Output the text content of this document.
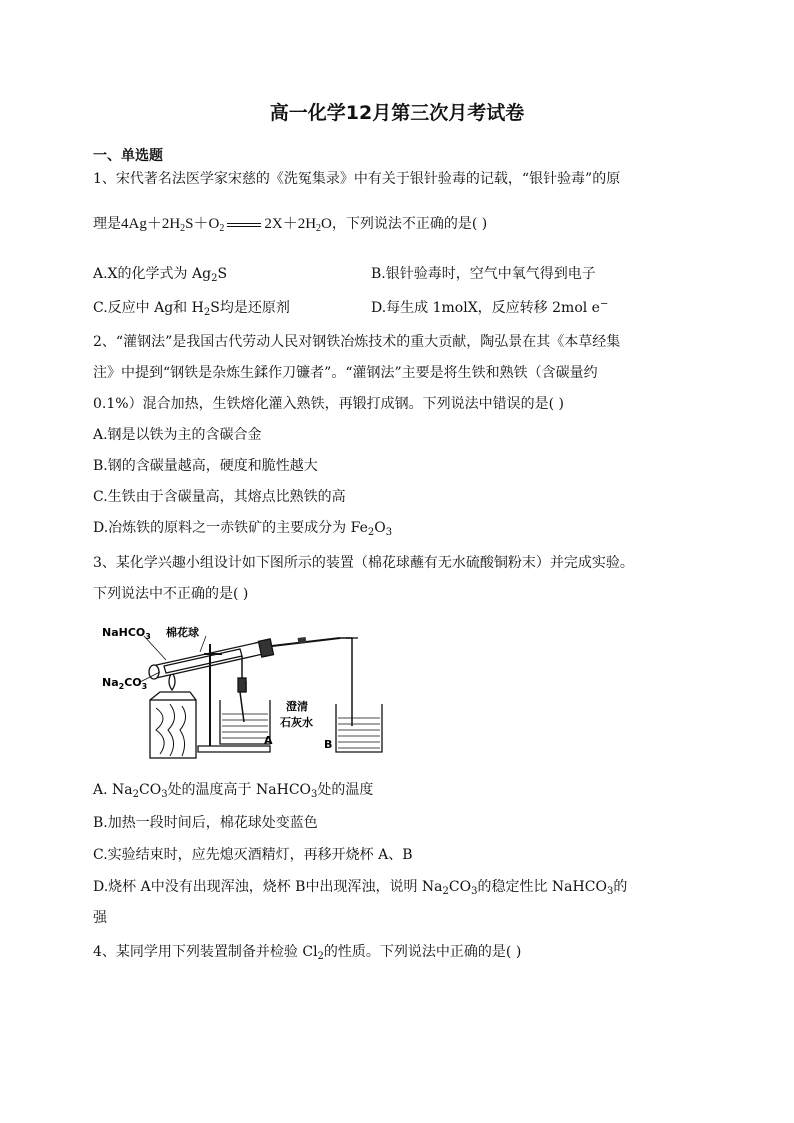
高一化学12月第三次月考试卷
一、单选题
1、宋代著名法医学家宋慈的《洗冤集录》中有关于银针验毒的记载，“银针验毒”的原
理是$4Ag+2H_2S+O_2$	$2X+2H_2O$，下列说法不正确的是( )
A.X的化学式为 $Ag_2S$	B.银针验毒时，空气中氧气得到电子
C.反应中 Ag和 $H_2S$均是还原剂	D.每生成 1molX，反应转移 2mol e−
2、“灌钢法”是我国古代劳动人民对钢铁冶炼技术的重大贡献，陶弘景在其《本草经集
注》中提到“钢铁是杂炼生鍒作刀镰者”。“灌钢法”主要是将生铁和熟铁（含碳量约
0.1%）混合加热，生铁熔化灌入熟铁，再锻打成钢。下列说法中错误的是( )
A.钢是以铁为主的含碳合金
B.钢的含碳量越高，硬度和脆性越大
C.生铁由于含碳量高，其熔点比熟铁的高
D.冶炼铁的原料之一赤铁矿的主要成分为 $Fe_2O_3$
3、某化学兴趣小组设计如下图所示的装置（棉花球蘸有无水硫酸铜粉末）并完成实验。
下列说法中不正确的是( )
NaHCO$_3$ 棉花球
$Na_2CO_3$
澄清
石灰水
A	B
A. $Na_2CO_3$处的温度高于 NaHCO$_3$处的温度
B.加热一段时间后，棉花球处变蓝色
C.实验结束时，应先熄灭酒精灯，再移开烧杯 A、B
D.烧杯 A中没有出现浑浊，烧杯 B中出现浑浊，说明 $Na_2CO_3$的稳定性比 NaHCO$_3$的
强
4、某同学用下列装置制备并检验 $Cl_2$的性质。下列说法中正确的是( )
